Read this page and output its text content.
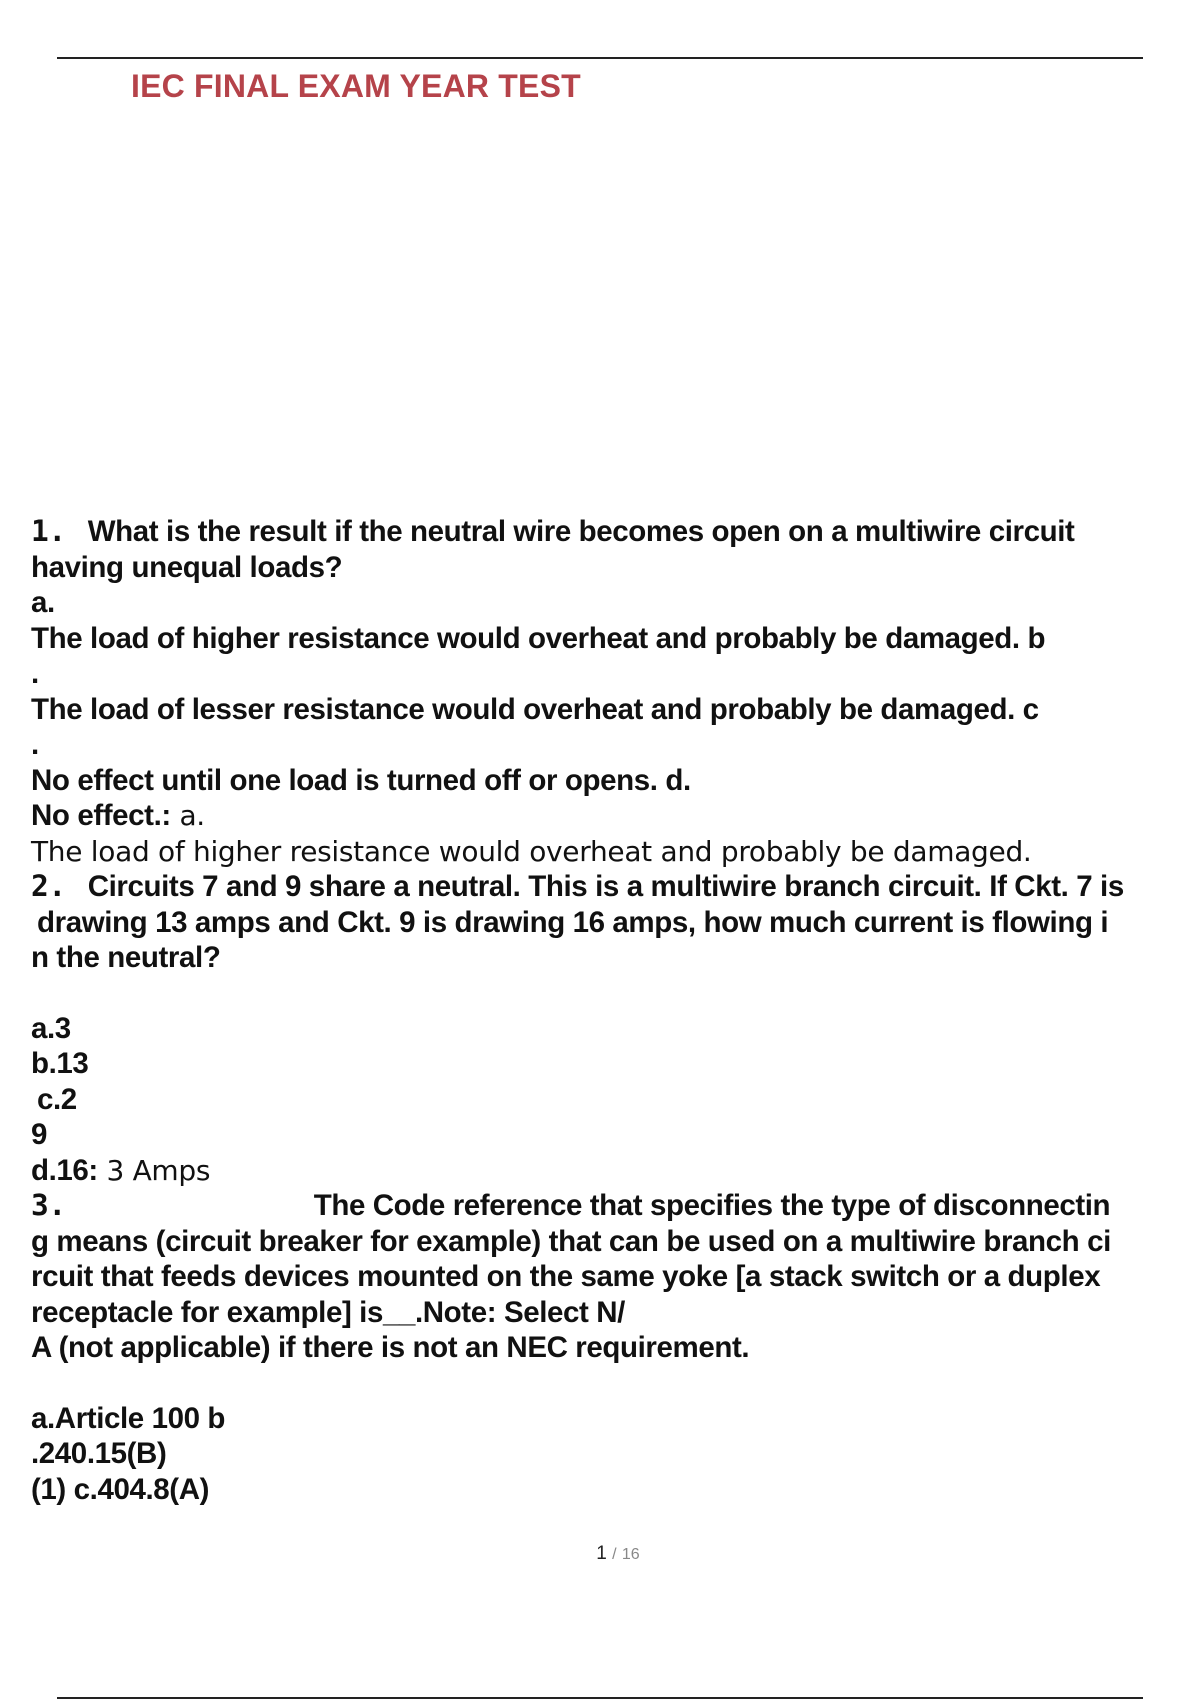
IEC FINAL EXAM YEAR TEST
1. What is the result if the neutral wire becomes open on a multiwire circuit
having unequal loads?
a.
The load of higher resistance would overheat and probably be damaged. b
.
The load of lesser resistance would overheat and probably be damaged. c
.
No effect until one load is turned off or opens. d.
No effect.: a.
The load of higher resistance would overheat and probably be damaged.
2. Circuits 7 and 9 share a neutral. This is a multiwire branch circuit. If Ckt. 7 is
drawing 13 amps and Ckt. 9 is drawing 16 amps, how much current is flowing i
n the neutral?
a.3
b.13
c.2
9
d.16: 3 Amps
3.	The Code reference that specifies the type of disconnectin
g means (circuit breaker for example) that can be used on a multiwire branch ci
rcuit that feeds devices mounted on the same yoke [a stack switch or a duplex
receptacle for example] is__.Note: Select N/
A (not applicable) if there is not an NEC requirement.
a.Article 100 b
.240.15(B)
(1) c.404.8(A)
1 / 16
